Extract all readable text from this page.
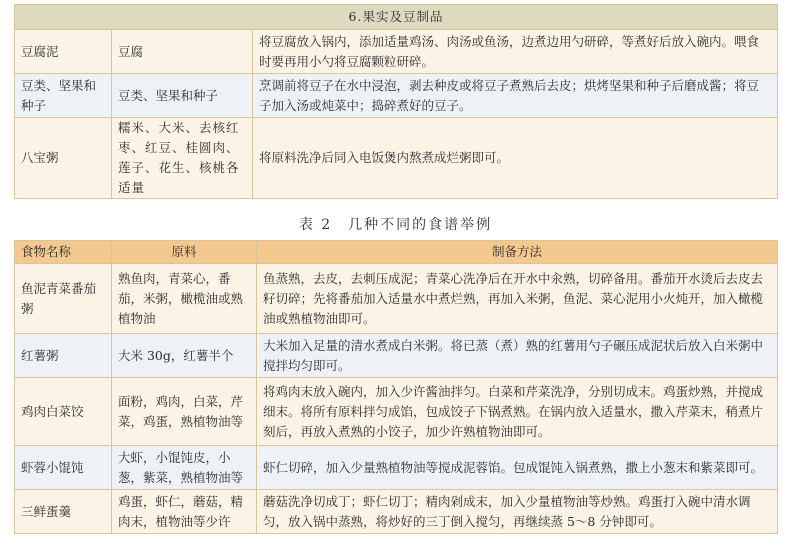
6.果实及豆制品		
豆腐泥	豆腐	将豆腐放入锅内，添加适量鸡汤、肉汤或鱼汤，边煮边用勺研碎，等煮好后放入碗内。喂食时要再用小勺将豆腐颗粒研碎。
豆类、坚果和种子	豆类、坚果和种子	烹调前将豆子在水中浸泡，剥去种皮或将豆子煮熟后去皮；烘烤坚果和种子后磨成酱；将豆子加入汤或炖菜中；捣碎煮好的豆子。
八宝粥	糯米、大米、去核红枣、红豆、桂圆肉、莲子、花生、核桃各适量	将原料洗净后同入电饭煲内熬煮成烂粥即可。
表 2 几种不同的食谱举例
食物名称	原料	制备方法
鱼泥青菜番茄粥	熟鱼肉，青菜心，番茄，米粥，橄榄油或熟植物油	鱼蒸熟，去皮，去刺压成泥；青菜心洗净后在开水中汆熟，切碎备用。番茄开水烫后去皮去籽切碎；先将番茄加入适量水中煮烂熟，再加入米粥，鱼泥、菜心泥用小火炖开，加入橄榄油或熟植物油即可。
红薯粥	大米 30g，红薯半个	大米加入足量的清水煮成白米粥。将已蒸（煮）熟的红薯用勺子碾压成泥状后放入白米粥中搅拌均匀即可。
鸡肉白菜饺	面粉，鸡肉，白菜，芹菜，鸡蛋，熟植物油等	将鸡肉末放入碗内，加入少许酱油拌匀。白菜和芹菜洗净，分别切成末。鸡蛋炒熟，并搅成细末。将所有原料拌匀成馅，包成饺子下锅煮熟。在锅内放入适量水，撒入芹菜末，稍煮片刻后，再放入煮熟的小饺子，加少许熟植物油即可。
虾蓉小馄饨	大虾，小馄饨皮，小葱，紫菜，熟植物油等	虾仁切碎，加入少量熟植物油等搅成泥蓉馅。包成馄饨入锅煮熟，撒上小葱末和紫菜即可。
三鲜蛋羹	鸡蛋，虾仁，蘑菇，精肉末，植物油等少许	蘑菇洗净切成丁；虾仁切丁；精肉剁成末，加入少量植物油等炒熟。鸡蛋打入碗中清水调匀，放入锅中蒸熟，将炒好的三丁倒入搅匀，再继续蒸 5～8 分钟即可。
